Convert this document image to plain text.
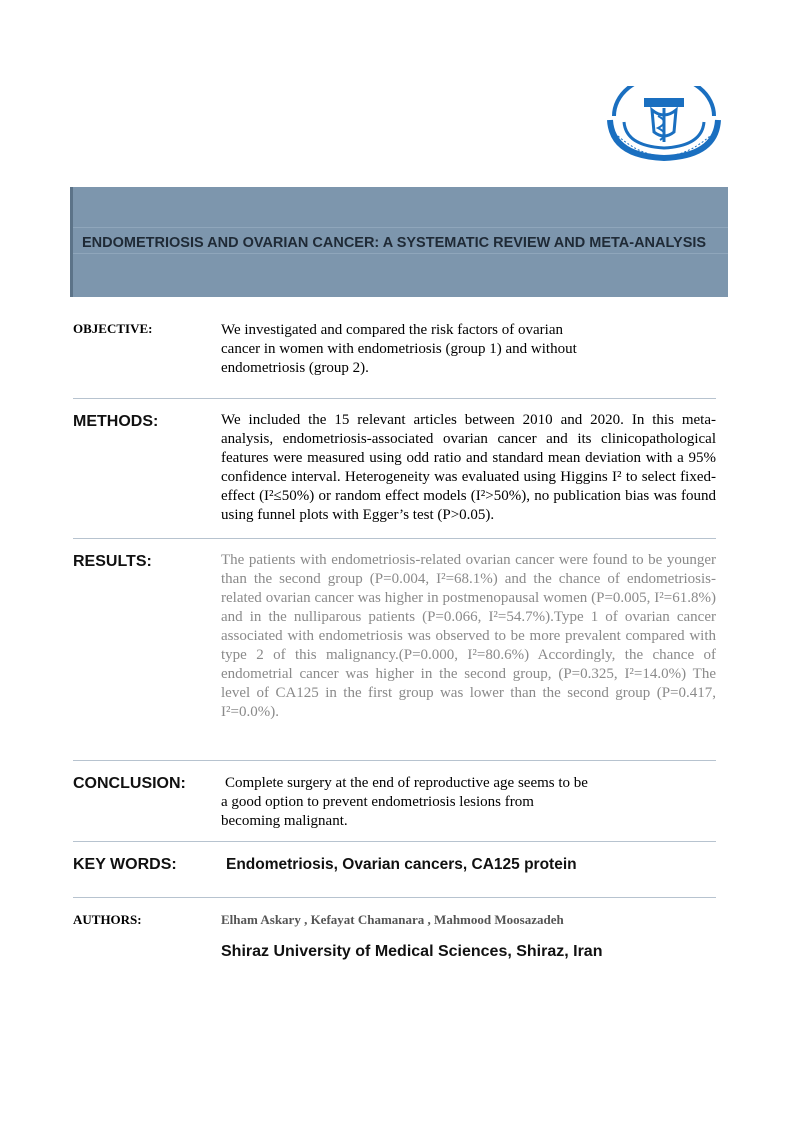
ENDOMETRIOSIS AND OVARIAN CANCER: A SYSTEMATIC REVIEW AND META-ANALYSIS
OBJECTIVE:	We investigated and compared the risk factors of ovarian
cancer in women with endometriosis (group 1) and without
endometriosis (group 2).
METHODS:	We included the 15 relevant articles between 2010 and 2020. In this meta-analysis, endometriosis-associated ovarian cancer and its clinicopathological features were measured using odd ratio and standard mean deviation with a 95% confidence interval. Heterogeneity was evaluated using Higgins I² to select fixed-effect (I²≤50%) or random effect models (I²>50%), no publication bias was found using funnel plots with Egger’s test (P>0.05).
RESULTS:	The patients with endometriosis-related ovarian cancer were found to be younger than the second group (P=0.004, I²=68.1%) and the chance of endometriosis-related ovarian cancer was higher in postmenopausal women (P=0.005, I²=61.8%) and in the nulliparous patients (P=0.066, I²=54.7%).Type 1 of ovarian cancer associated with endometriosis was observed to be more prevalent compared with type 2 of this malignancy.(P=0.000, I²=80.6%) Accordingly, the chance of endometrial cancer was higher in the second group, (P=0.325, I²=14.0%) The level of CA125 in the first group was lower than the second group (P=0.417, I²=0.0%).
CONCLUSION:	Complete surgery at the end of reproductive age seems to be
a good option to prevent endometriosis lesions from
becoming malignant.
KEY WORDS:	Endometriosis, Ovarian cancers, CA125 protein
AUTHORS:	Elham Askary , Kefayat Chamanara , Mahmood Moosazadeh
Shiraz University of Medical Sciences, Shiraz, Iran
